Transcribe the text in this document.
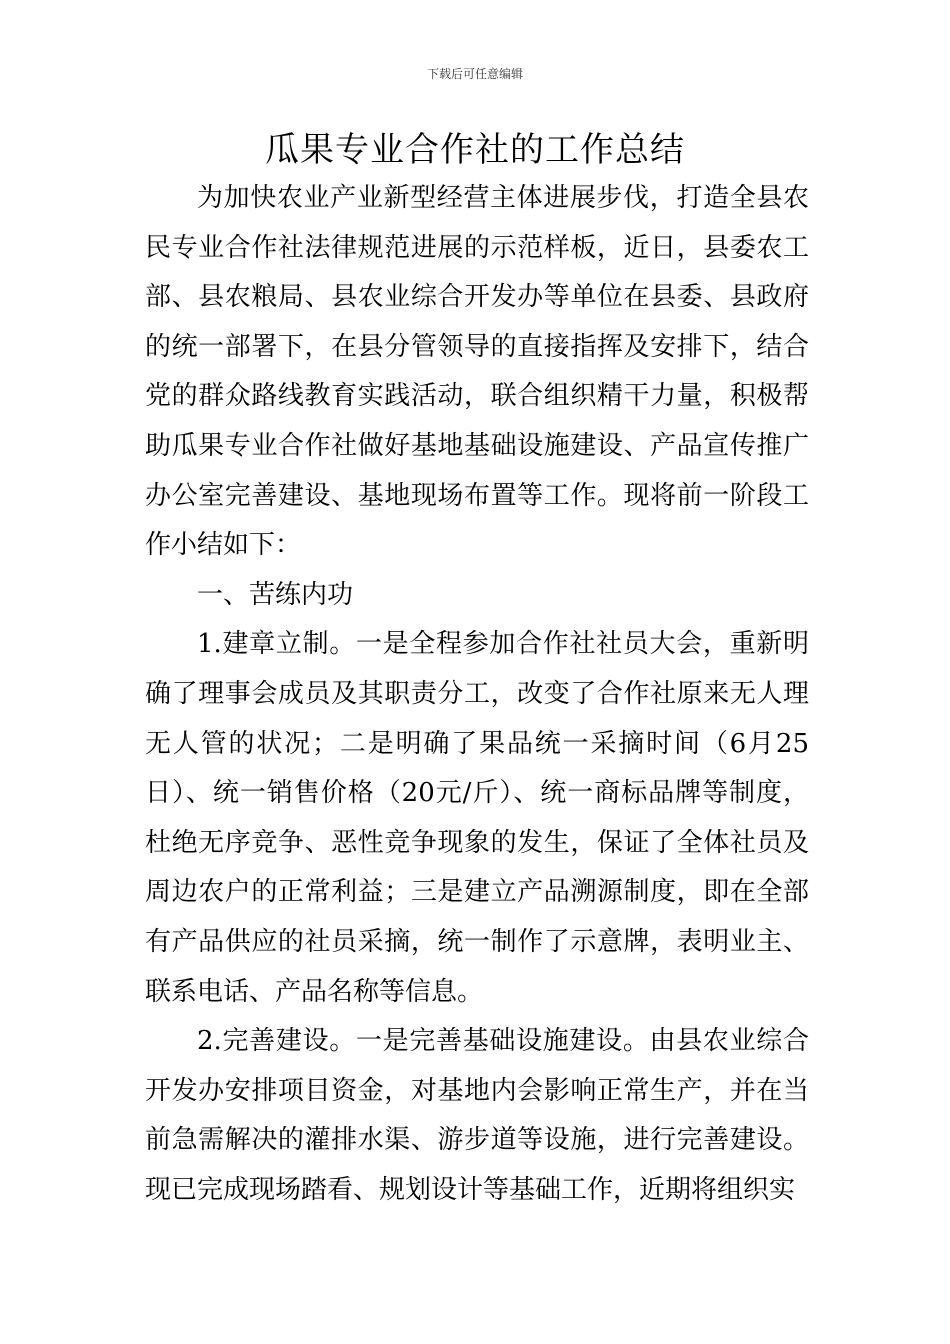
下载后可任意编辑
瓜果专业合作社的工作总结

为加快农业产业新型经营主体进展步伐，打造全县农民专业合作社法律规范进展的示范样板，近日，县委农工部、县农粮局、县农业综合开发办等单位在县委、县政府的统一部署下，在县分管领导的直接指挥及安排下，结合党的群众路线教育实践活动，联合组织精干力量，积极帮助瓜果专业合作社做好基地基础设施建设、产品宣传推广办公室完善建设、基地现场布置等工作。现将前一阶段工作小结如下：

一、苦练内功

1.建章立制。一是全程参加合作社社员大会，重新明确了理事会成员及其职责分工，改变了合作社原来无人理无人管的状况；二是明确了果品统一采摘时间（6月25日）、统一销售价格（20元/斤）、统一商标品牌等制度，杜绝无序竞争、恶性竞争现象的发生，保证了全体社员及周边农户的正常利益；三是建立产品溯源制度，即在全部有产品供应的社员采摘，统一制作了示意牌，表明业主、联系电话、产品名称等信息。

2.完善建设。一是完善基础设施建设。由县农业综合开发办安排项目资金，对基地内会影响正常生产，并在当前急需解决的灌排水渠、游步道等设施，进行完善建设。现已完成现场踏看、规划设计等基础工作，近期将组织实
